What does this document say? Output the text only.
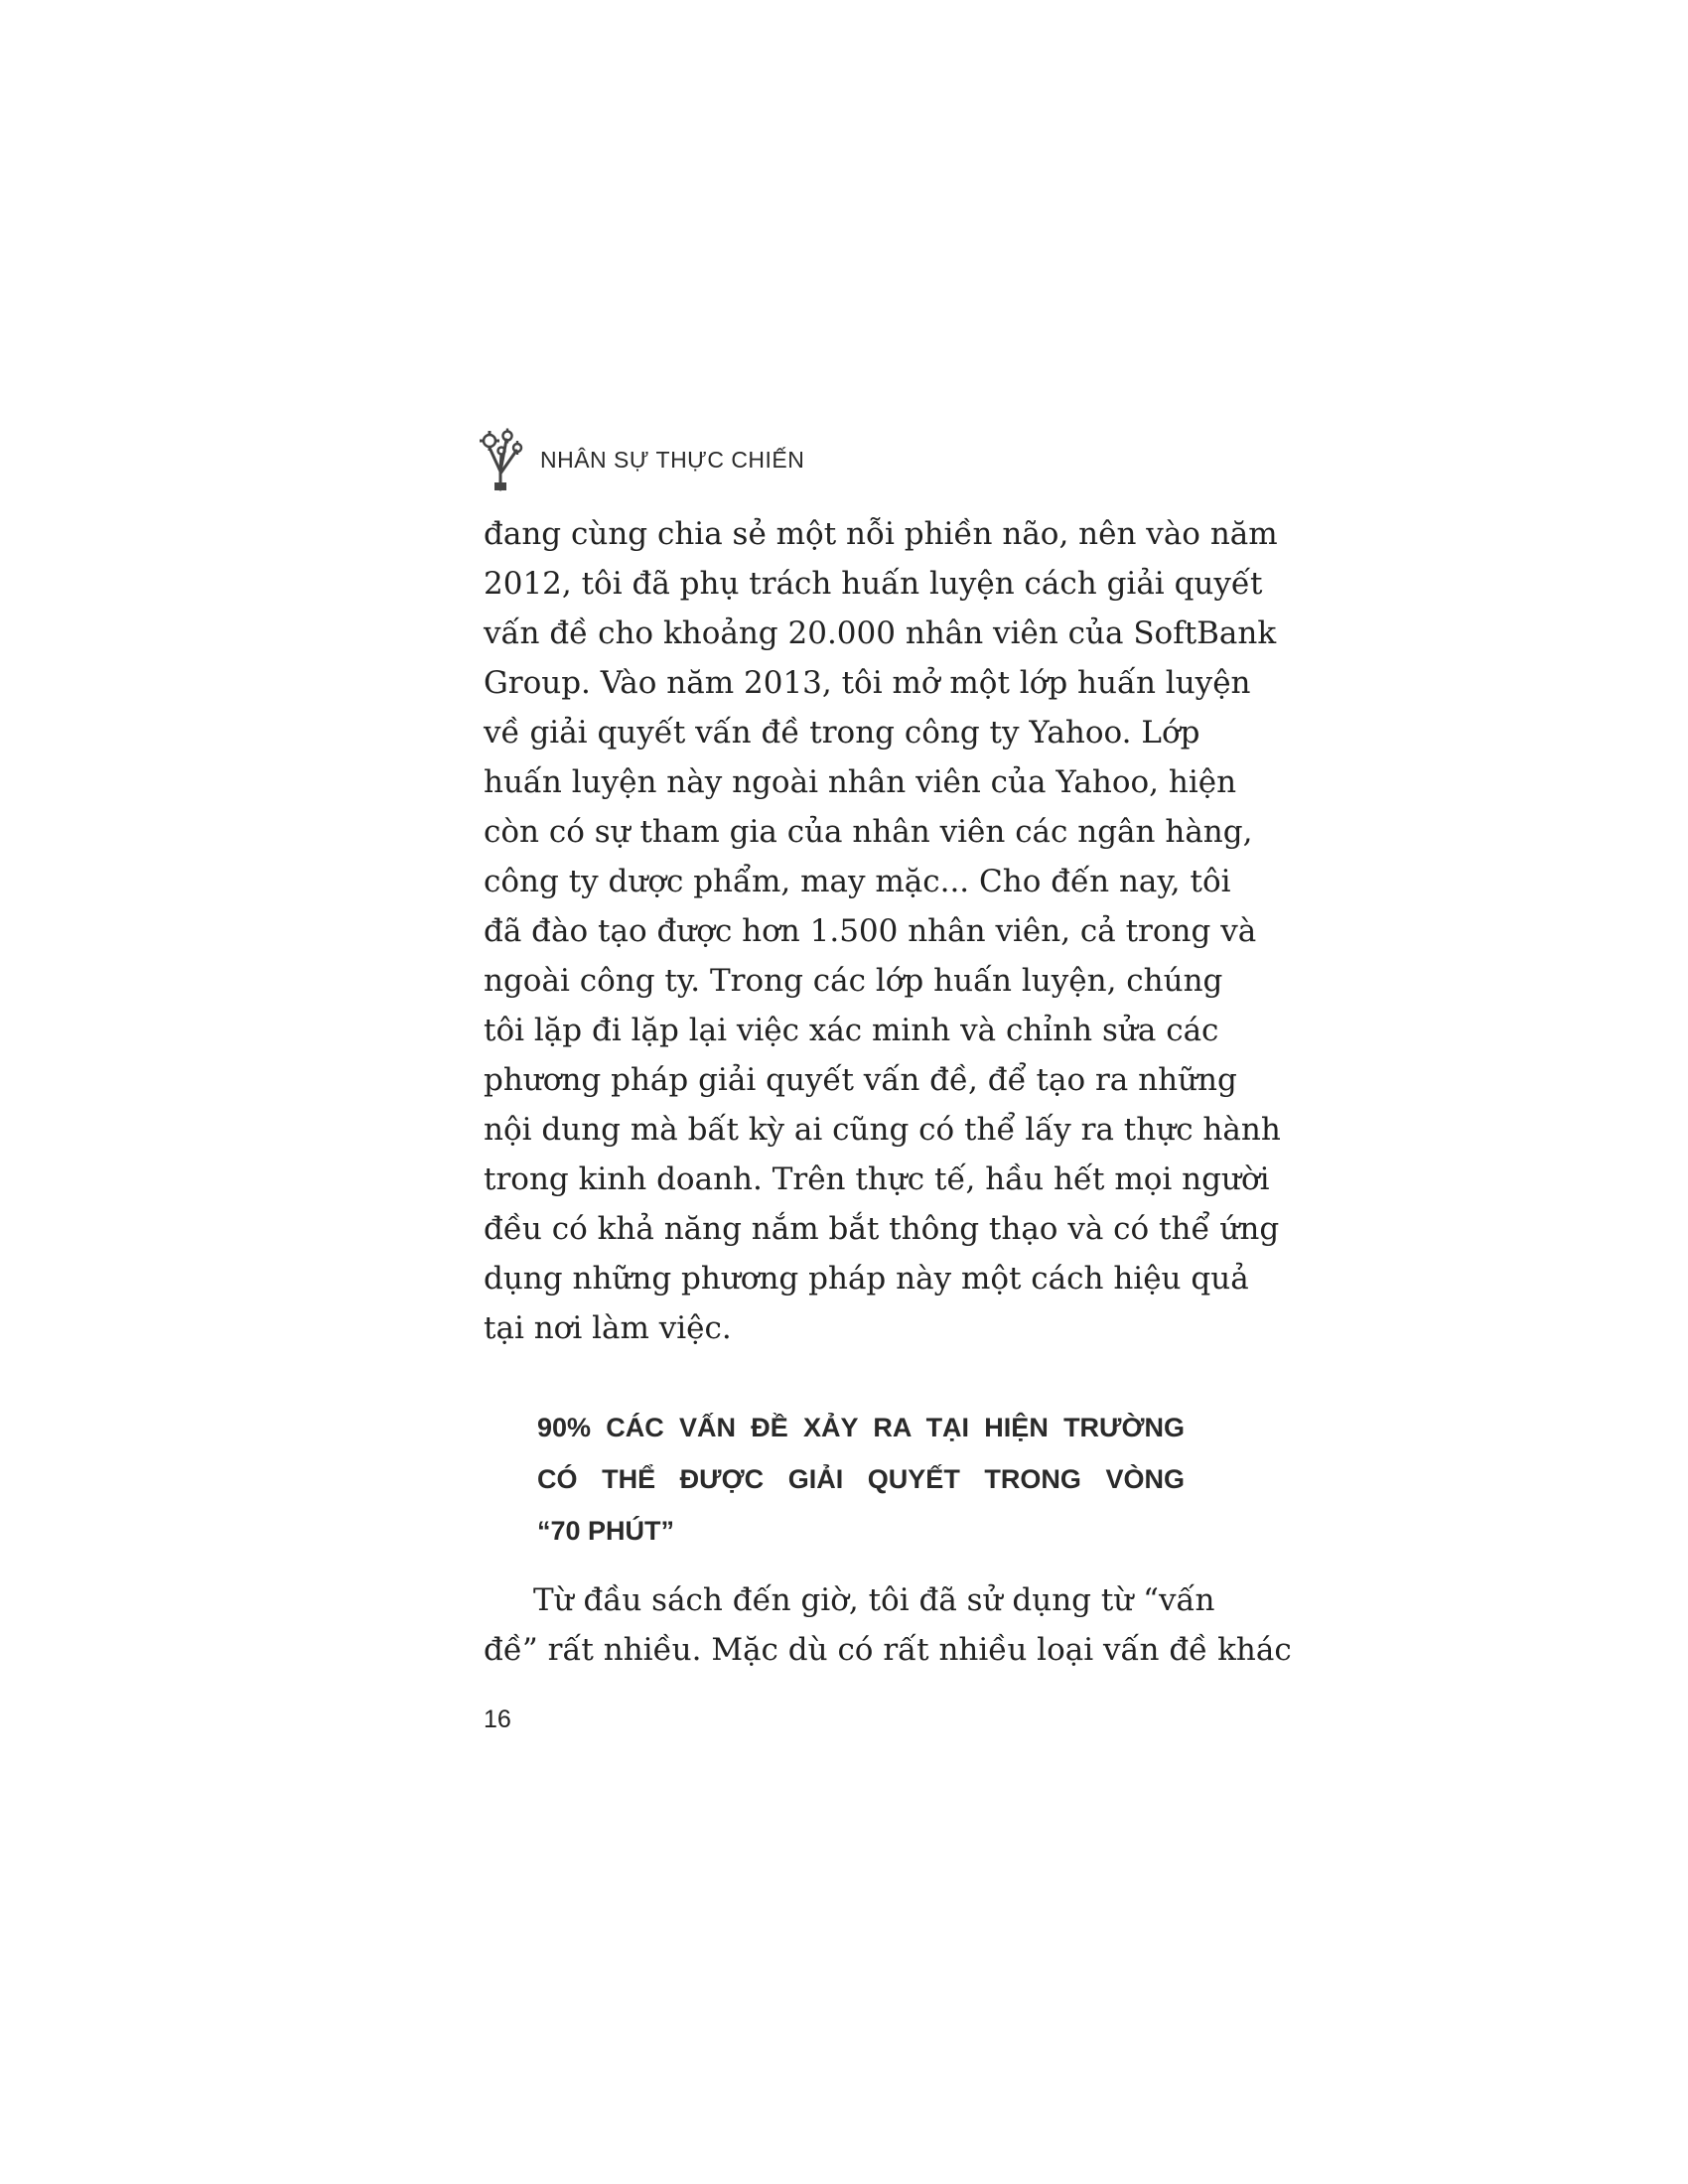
NHÂN SỰ THỰC CHIẾN
đang cùng chia sẻ một nỗi phiền não, nên vào năm
2012, tôi đã phụ trách huấn luyện cách giải quyết
vấn đề cho khoảng 20.000 nhân viên của SoftBank
Group. Vào năm 2013, tôi mở một lớp huấn luyện
về giải quyết vấn đề trong công ty Yahoo. Lớp
huấn luyện này ngoài nhân viên của Yahoo, hiện
còn có sự tham gia của nhân viên các ngân hàng,
công ty dược phẩm, may mặc... Cho đến nay, tôi
đã đào tạo được hơn 1.500 nhân viên, cả trong và
ngoài công ty. Trong các lớp huấn luyện, chúng
tôi lặp đi lặp lại việc xác minh và chỉnh sửa các
phương pháp giải quyết vấn đề, để tạo ra những
nội dung mà bất kỳ ai cũng có thể lấy ra thực hành
trong kinh doanh. Trên thực tế, hầu hết mọi người
đều có khả năng nắm bắt thông thạo và có thể ứng
dụng những phương pháp này một cách hiệu quả
tại nơi làm việc.
90% CÁC VẤN ĐỀ XẢY RA TẠI HIỆN TRƯỜNG
CÓ THỂ ĐƯỢC GIẢI QUYẾT TRONG VÒNG
“70 PHÚT”
Từ đầu sách đến giờ, tôi đã sử dụng từ “vấn
đề” rất nhiều. Mặc dù có rất nhiều loại vấn đề khác
16
